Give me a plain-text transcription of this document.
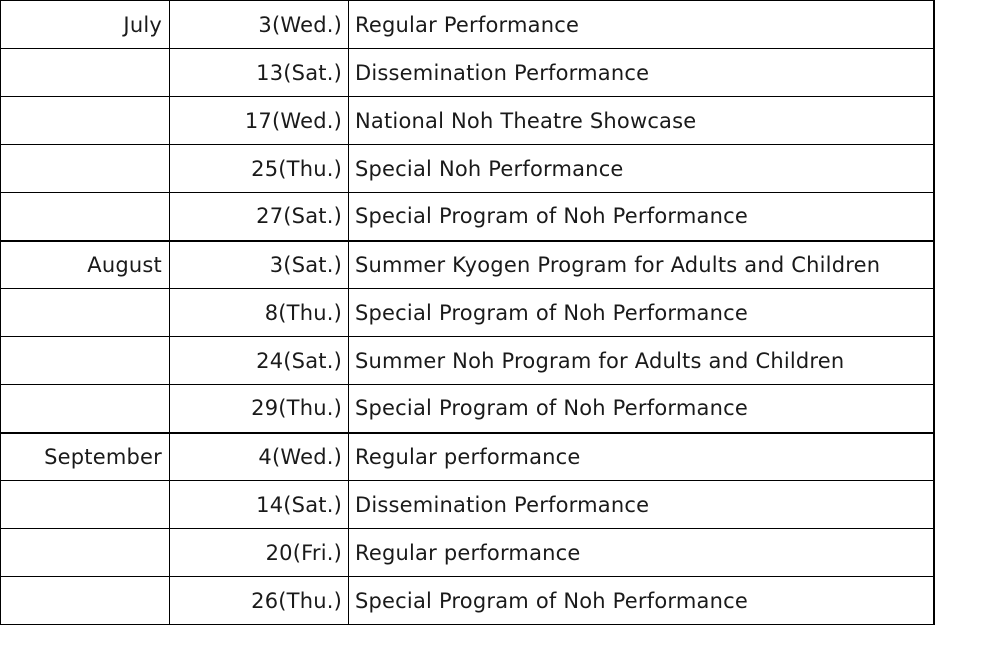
July	3(Wed.)	Regular Performance
	13(Sat.)	Dissemination Performance
	17(Wed.)	National Noh Theatre Showcase
	25(Thu.)	Special Noh Performance
	27(Sat.)	Special Program of Noh Performance
August	3(Sat.)	Summer Kyogen Program for Adults and Children
	8(Thu.)	Special Program of Noh Performance
	24(Sat.)	Summer Noh Program for Adults and Children
	29(Thu.)	Special Program of Noh Performance
September	4(Wed.)	Regular performance
	14(Sat.)	Dissemination Performance
	20(Fri.)	Regular performance
	26(Thu.)	Special Program of Noh Performance
